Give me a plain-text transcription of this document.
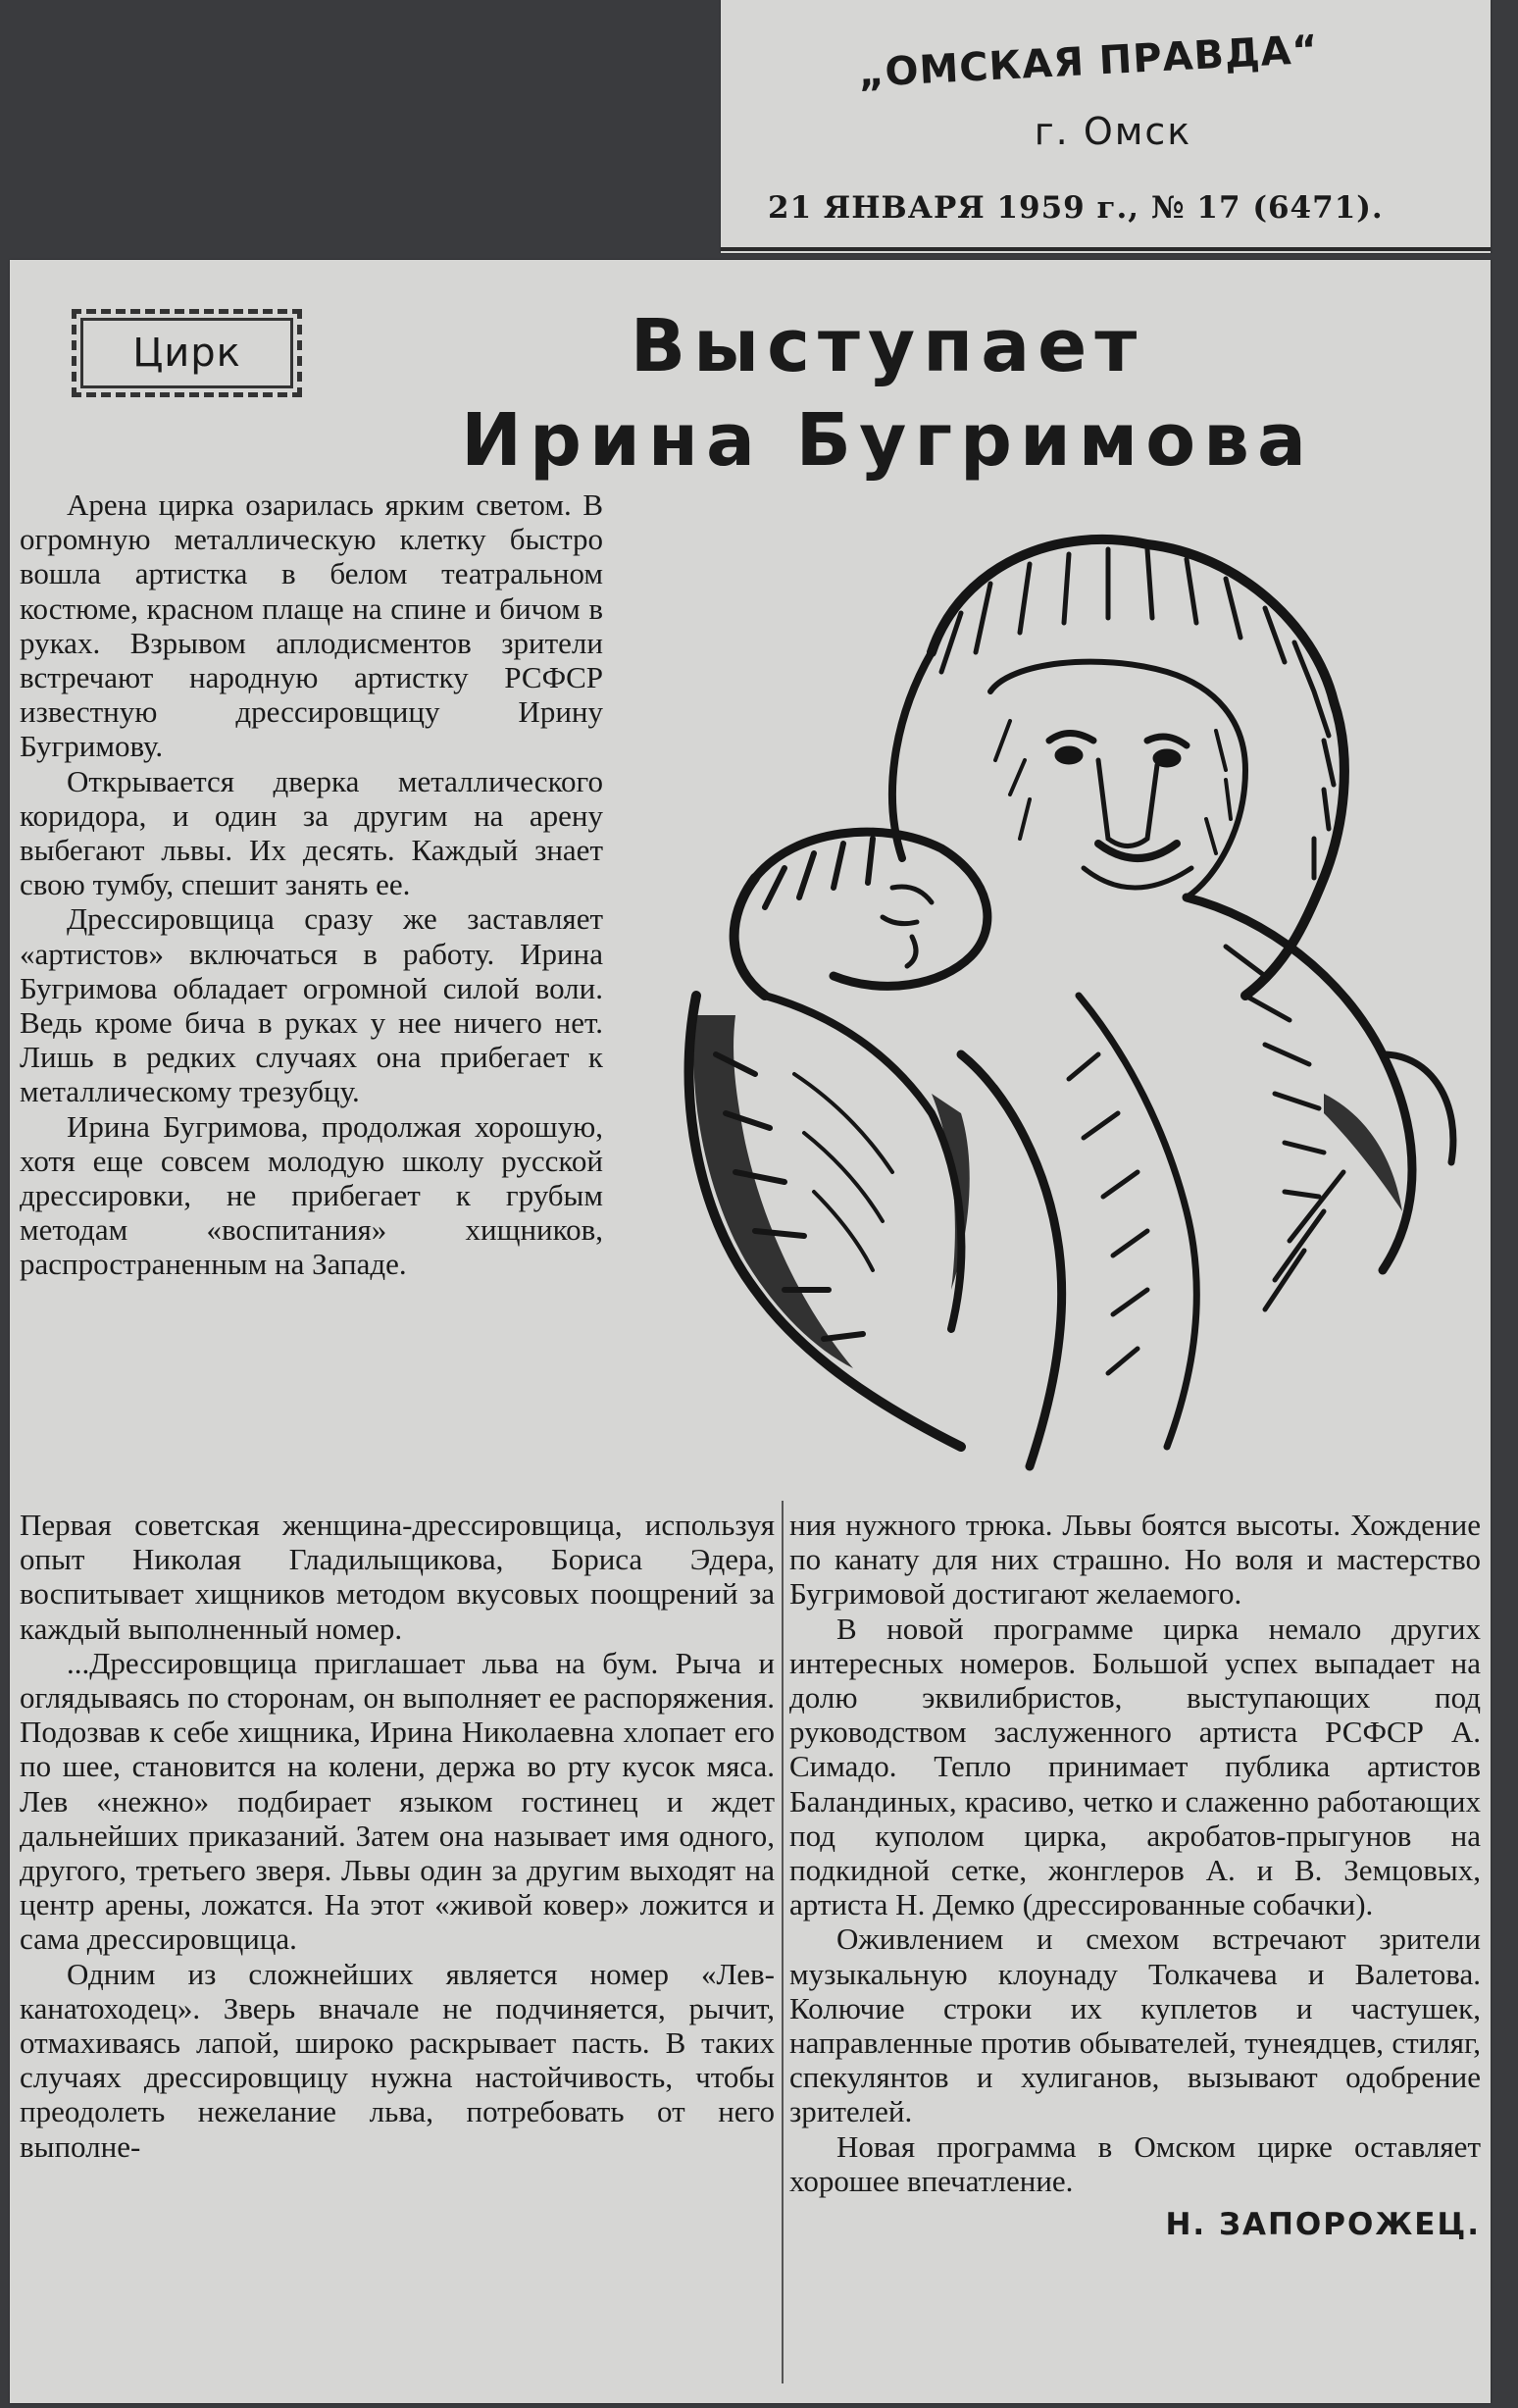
„ОМСКАЯ ПРАВДА“
г. Омск
21 ЯНВАРЯ 1959 г., № 17 (6471).
Цирк	Выступает
Ирина Бугримова

Арена цирка озарилась ярким светом. В огромную металлическую клетку быстро вошла артистка в белом театральном костюме, красном плаще на спине и бичом в руках. Взрывом аплодисментов зрители встречают народную артистку РСФСР известную дрессировщицу Ирину Бугримову.

Открывается дверка металлического коридора, и один за другим на арену выбегают львы. Их десять. Каждый знает свою тумбу, спешит занять ее.

Дрессировщица сразу же заставляет «артистов» включаться в работу. Ирина Бугримова обладает огромной силой воли. Ведь кроме бича в руках у нее ничего нет. Лишь в редких случаях она прибегает к металлическому трезубцу.

Ирина Бугримова, продолжая хорошую, хотя еще совсем молодую школу русской дрессировки, не прибегает к грубым методам «воспитания» хищников, распространенным на Западе.

Первая советская женщина-дрессировщица, используя опыт Николая Гладилыщикова, Бориса Эдера, воспитывает хищников методом вкусовых поощрений за каждый выполненный номер.

...Дрессировщица приглашает льва на бум. Рыча и оглядываясь по сторонам, он выполняет ее распоряжения. Подозвав к себе хищника, Ирина Николаевна хлопает его по шее, становится на колени, держа во рту кусок мяса. Лев «нежно» подбирает языком гостинец и ждет дальнейших приказаний. Затем она называет имя одного, другого, третьего зверя. Львы один за другим выходят на центр арены, ложатся. На этот «живой ковер» ложится и сама дрессировщица.

Одним из сложнейших является номер «Лев-канатоходец». Зверь вначале не подчиняется, рычит, отмахиваясь лапой, широко раскрывает пасть. В таких случаях дрессировщицу нужна настойчивость, чтобы преодолеть нежелание льва, потребовать от него выполне-

ния нужного трюка. Львы боятся высоты. Хождение по канату для них страшно. Но воля и мастерство Бугримовой достигают желаемого.

В новой программе цирка немало других интересных номеров. Большой успех выпадает на долю эквилибристов, выступающих под руководством заслуженного артиста РСФСР А. Симадо. Тепло принимает публика артистов Баландиных, красиво, четко и слаженно работающих под куполом цирка, акробатов-прыгунов на подкидной сетке, жонглеров А. и В. Земцовых, артиста Н. Демко (дрессированные собачки).

Оживлением и смехом встречают зрители музыкальную клоунаду Толкачева и Валетова. Колючие строки их куплетов и частушек, направленные против обывателей, тунеядцев, стиляг, спекулянтов и хулиганов, вызывают одобрение зрителей.

Новая программа в Омском цирке оставляет хорошее впечатление.

Н. ЗАПОРОЖЕЦ.
